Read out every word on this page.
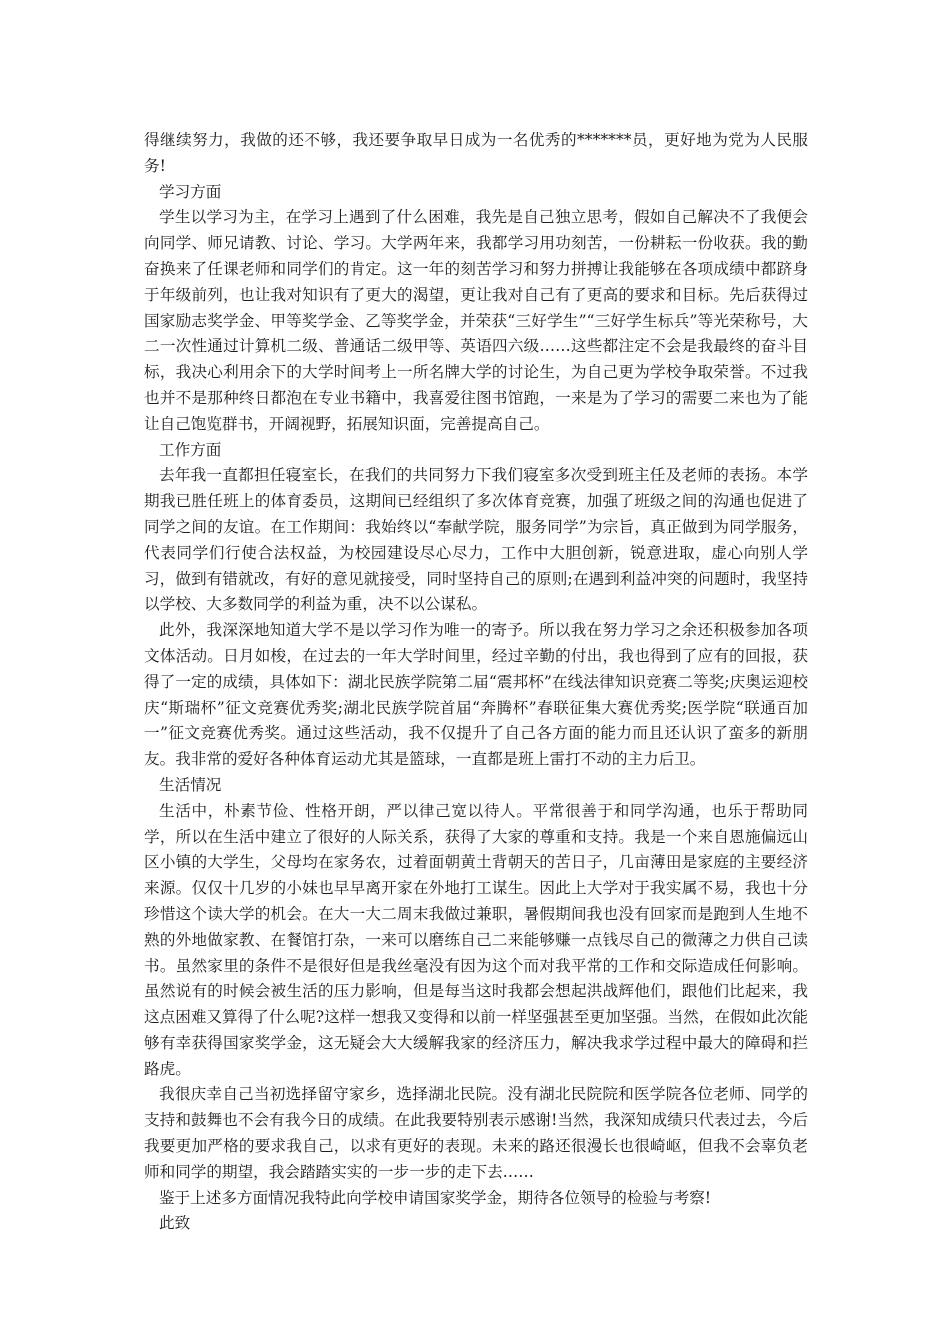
得继续努力，我做的还不够，我还要争取早日成为一名优秀的*******员，更好地为党为人民服务!

学习方面

学生以学习为主，在学习上遇到了什么困难，我先是自己独立思考，假如自己解决不了我便会向同学、师兄请教、讨论、学习。大学两年来，我都学习用功刻苦，一份耕耘一份收获。我的勤奋换来了任课老师和同学们的肯定。这一年的刻苦学习和努力拼搏让我能够在各项成绩中都跻身于年级前列，也让我对知识有了更大的渴望，更让我对自己有了更高的要求和目标。先后获得过国家励志奖学金、甲等奖学金、乙等奖学金，并荣获“三好学生”“三好学生标兵”等光荣称号，大二一次性通过计算机二级、普通话二级甲等、英语四六级……这些都注定不会是我最终的奋斗目标，我决心利用余下的大学时间考上一所名牌大学的讨论生，为自己更为学校争取荣誉。不过我也并不是那种终日都泡在专业书籍中，我喜爱往图书馆跑，一来是为了学习的需要二来也为了能让自己饱览群书，开阔视野，拓展知识面，完善提高自己。

工作方面

去年我一直都担任寝室长，在我们的共同努力下我们寝室多次受到班主任及老师的表扬。本学期我已胜任班上的体育委员，这期间已经组织了多次体育竞赛，加强了班级之间的沟通也促进了同学之间的友谊。在工作期间：我始终以“奉献学院，服务同学”为宗旨，真正做到为同学服务，代表同学们行使合法权益，为校园建设尽心尽力，工作中大胆创新，锐意进取，虚心向别人学习，做到有错就改，有好的意见就接受，同时坚持自己的原则;在遇到利益冲突的问题时，我坚持以学校、大多数同学的利益为重，决不以公谋私。

此外，我深深地知道大学不是以学习作为唯一的寄予。所以我在努力学习之余还积极参加各项文体活动。日月如梭，在过去的一年大学时间里，经过辛勤的付出，我也得到了应有的回报，获得了一定的成绩，具体如下：湖北民族学院第二届“震邦杯”在线法律知识竞赛二等奖;庆奥运迎校庆“斯瑞杯”征文竞赛优秀奖;湖北民族学院首届“奔腾杯”春联征集大赛优秀奖;医学院“联通百加一”征文竞赛优秀奖。通过这些活动，我不仅提升了自己各方面的能力而且还认识了蛮多的新朋友。我非常的爱好各种体育运动尤其是篮球，一直都是班上雷打不动的主力后卫。

生活情况

生活中，朴素节俭、性格开朗，严以律己宽以待人。平常很善于和同学沟通，也乐于帮助同学，所以在生活中建立了很好的人际关系，获得了大家的尊重和支持。我是一个来自恩施偏远山区小镇的大学生，父母均在家务农，过着面朝黄土背朝天的苦日子，几亩薄田是家庭的主要经济来源。仅仅十几岁的小妹也早早离开家在外地打工谋生。因此上大学对于我实属不易，我也十分珍惜这个读大学的机会。在大一大二周末我做过兼职，暑假期间我也没有回家而是跑到人生地不熟的外地做家教、在餐馆打杂，一来可以磨练自己二来能够赚一点钱尽自己的微薄之力供自己读书。虽然家里的条件不是很好但是我丝毫没有因为这个而对我平常的工作和交际造成任何影响。虽然说有的时候会被生活的压力影响，但是每当这时我都会想起洪战辉他们，跟他们比起来，我这点困难又算得了什么呢?这样一想我又变得和以前一样坚强甚至更加坚强。当然，在假如此次能够有幸获得国家奖学金，这无疑会大大缓解我家的经济压力，解决我求学过程中最大的障碍和拦路虎。

我很庆幸自己当初选择留守家乡，选择湖北民院。没有湖北民院院和医学院各位老师、同学的支持和鼓舞也不会有我今日的成绩。在此我要特别表示感谢!当然，我深知成绩只代表过去，今后我要更加严格的要求我自己，以求有更好的表现。未来的路还很漫长也很崎岖，但我不会辜负老师和同学的期望，我会踏踏实实的一步一步的走下去……

鉴于上述多方面情况我特此向学校申请国家奖学金，期待各位领导的检验与考察!

此致
